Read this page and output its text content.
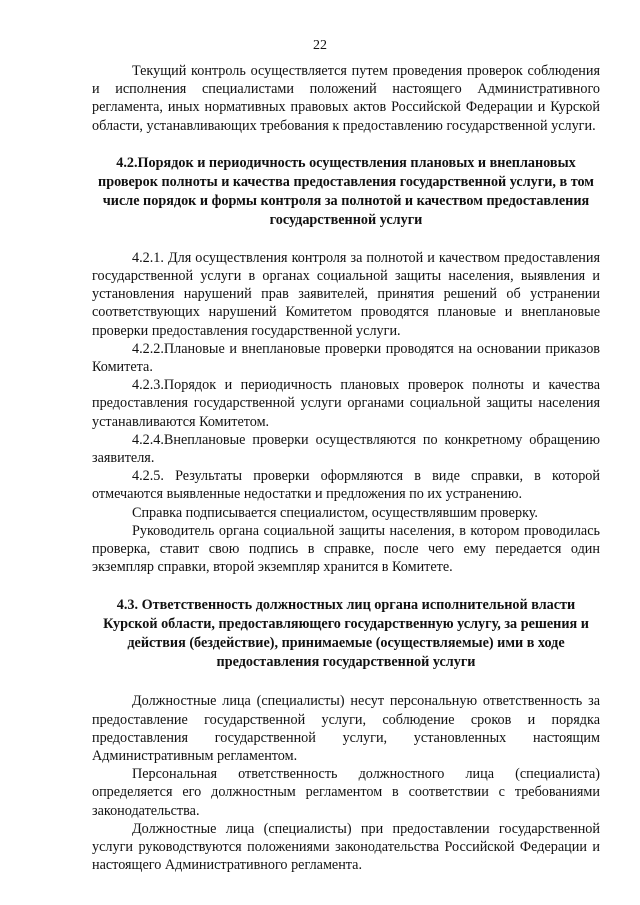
22

Текущий контроль осуществляется путем проведения проверок соблюдения и исполнения специалистами положений настоящего Административного регламента, иных нормативных правовых актов Российской Федерации и Курской области, устанавливающих требования к предоставлению государственной услуги.

4.2.Порядок и периодичность осуществления плановых и внеплановых проверок полноты и качества предоставления государственной услуги, в том числе порядок и формы контроля за полнотой и качеством предоставления государственной услуги

4.2.1. Для осуществления контроля за полнотой и качеством предоставления государственной услуги в органах социальной защиты населения, выявления и установления нарушений прав заявителей, принятия решений об устранении соответствующих нарушений Комитетом проводятся плановые и внеплановые проверки предоставления государственной услуги.

4.2.2.Плановые и внеплановые проверки проводятся на основании приказов Комитета.

4.2.3.Порядок и периодичность плановых проверок полноты и качества предоставления государственной услуги органами социальной защиты населения устанавливаются Комитетом.

4.2.4.Внеплановые проверки осуществляются по конкретному обращению заявителя.

4.2.5. Результаты проверки оформляются в виде справки, в которой отмечаются выявленные недостатки и предложения по их устранению.

Справка подписывается специалистом, осуществлявшим проверку.

Руководитель органа социальной защиты населения, в котором проводилась проверка, ставит свою подпись в справке, после чего ему передается один экземпляр справки, второй экземпляр хранится в Комитете.

4.3. Ответственность должностных лиц органа исполнительной власти Курской области, предоставляющего государственную услугу, за решения и действия (бездействие), принимаемые (осуществляемые) ими в ходе предоставления государственной услуги

Должностные лица (специалисты) несут персональную ответственность за предоставление государственной услуги, соблюдение сроков и порядка предоставления государственной услуги, установленных настоящим Административным регламентом.

Персональная ответственность должностного лица (специалиста) определяется его должностным регламентом в соответствии с требованиями законодательства.

Должностные лица (специалисты) при предоставлении государственной услуги руководствуются положениями законодательства Российской Федерации и настоящего Административного регламента.
